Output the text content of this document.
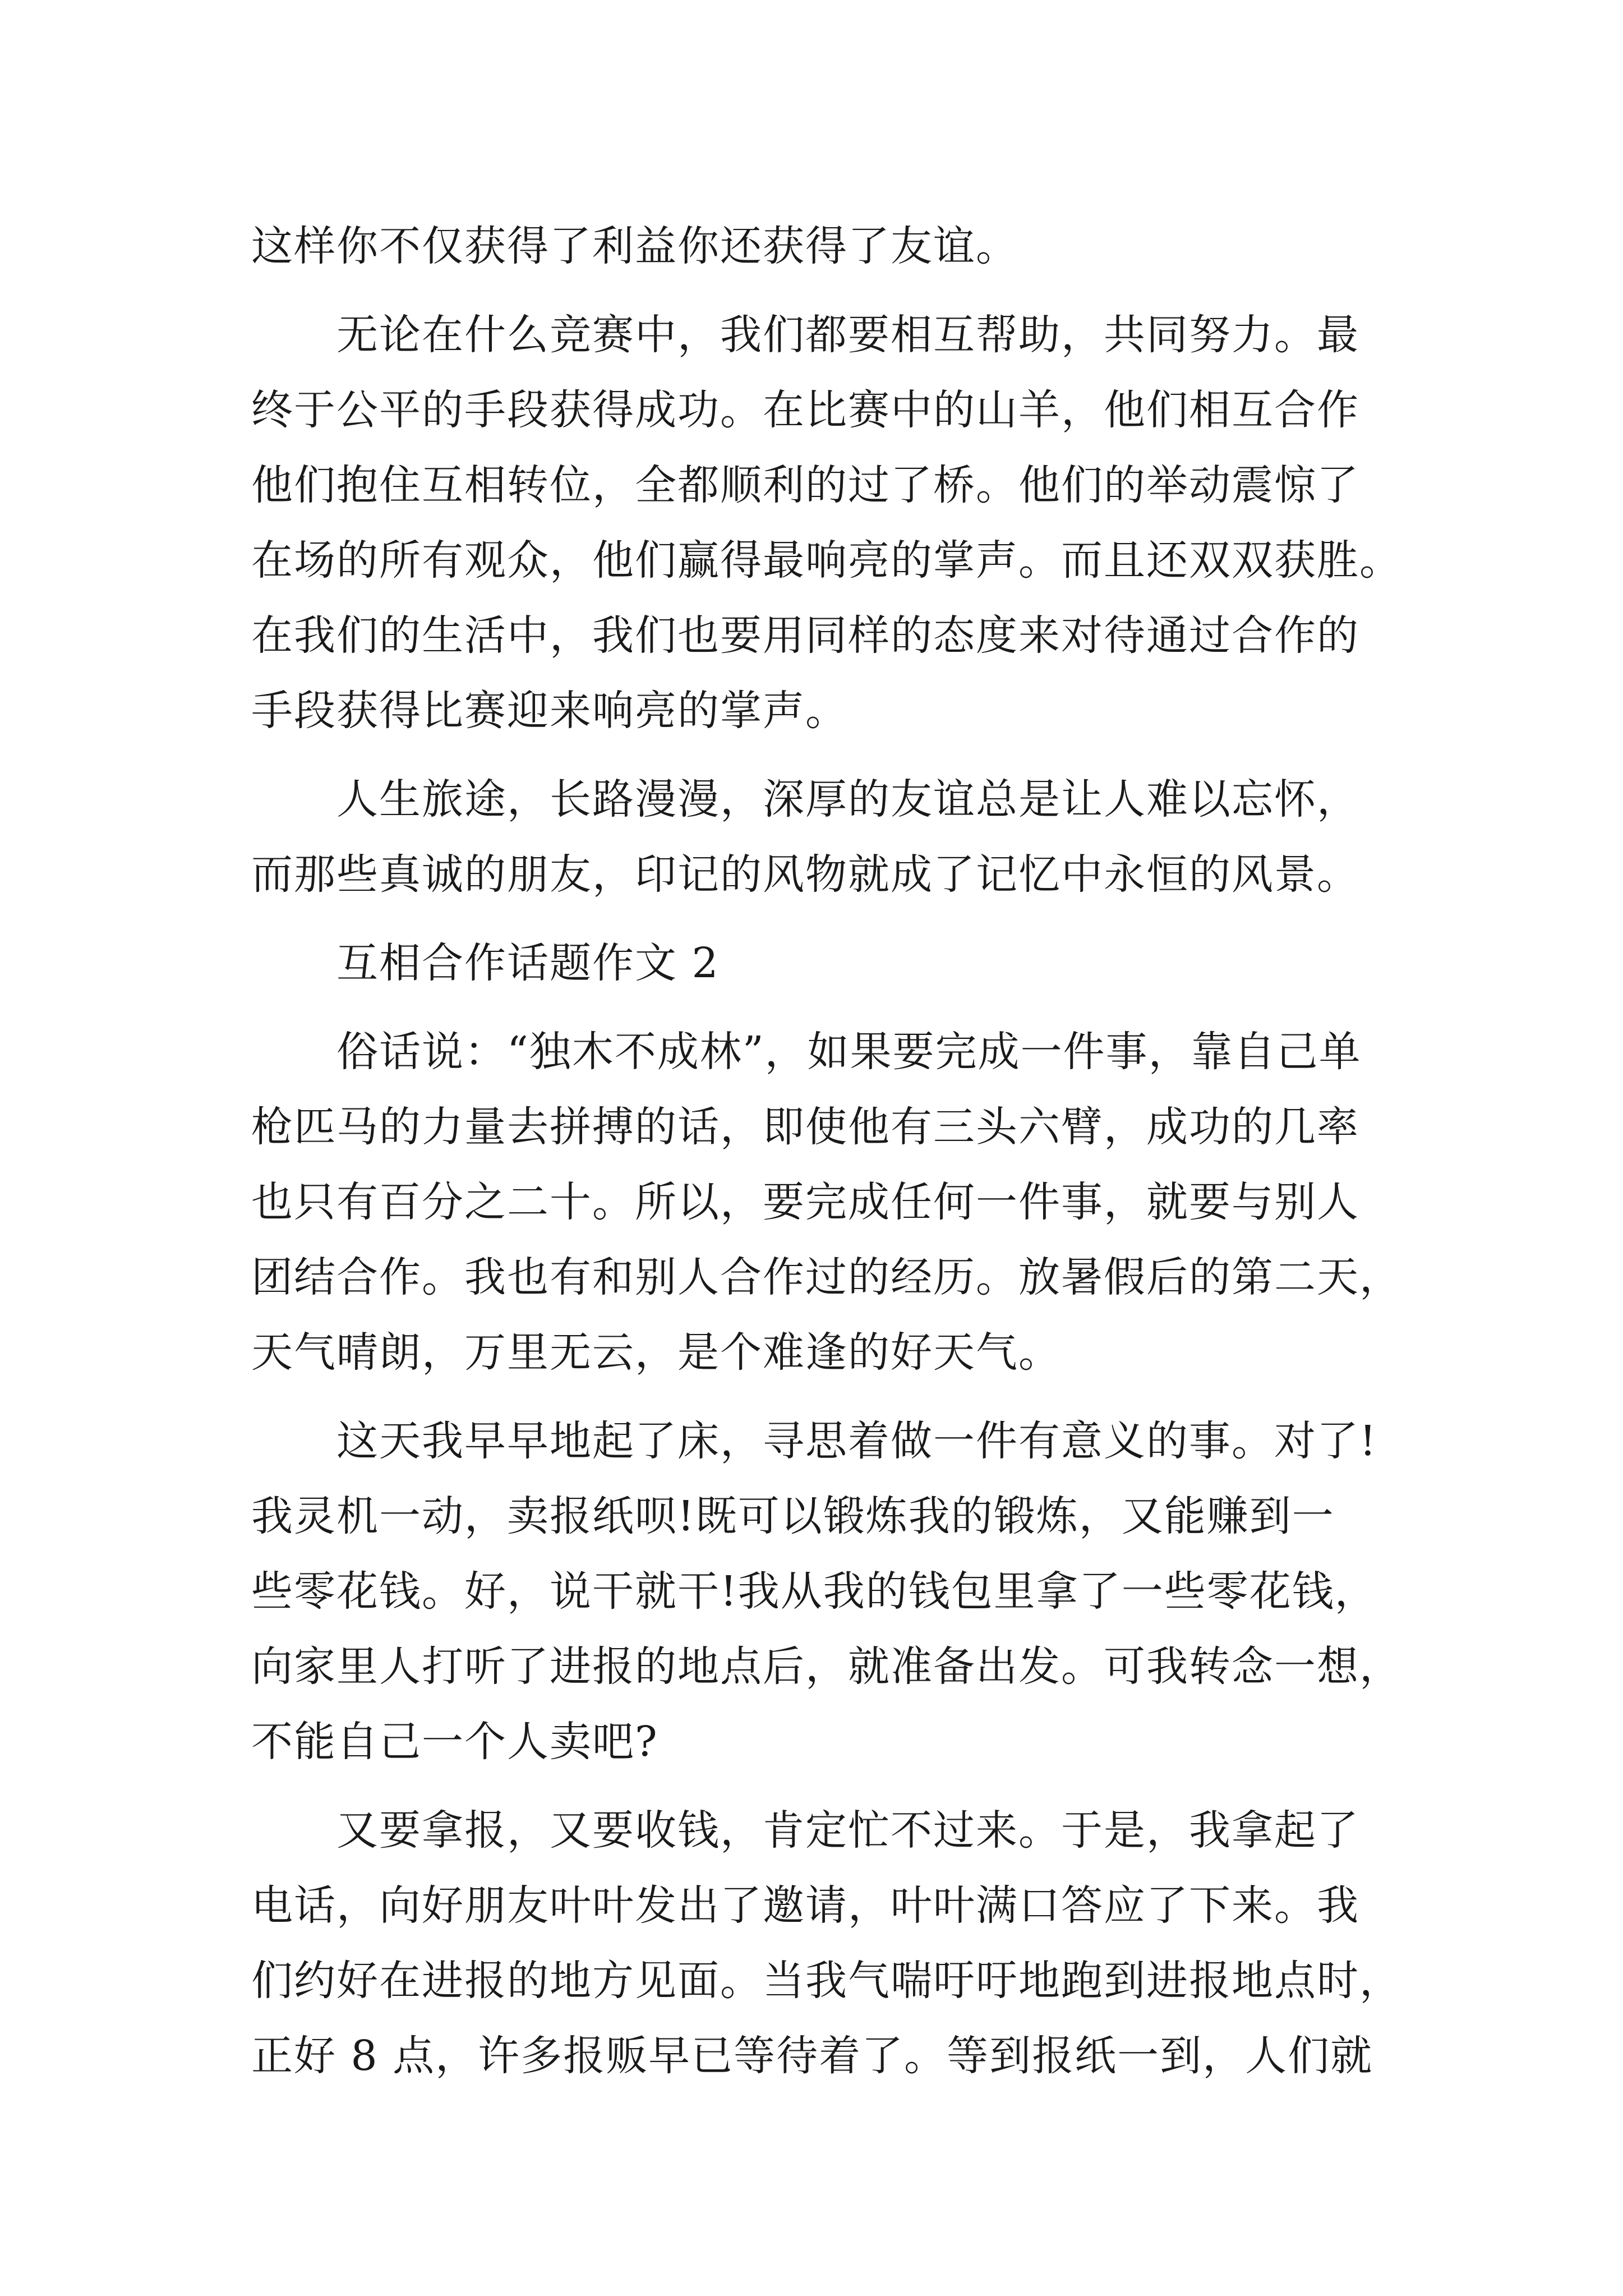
这样你不仅获得了利益你还获得了友谊。
　　无论在什么竞赛中，我们都要相互帮助，共同努力。最
终于公平的手段获得成功。在比赛中的山羊，他们相互合作
他们抱住互相转位，全都顺利的过了桥。他们的举动震惊了
在场的所有观众，他们赢得最响亮的掌声。而且还双双获胜。
在我们的生活中，我们也要用同样的态度来对待通过合作的
手段获得比赛迎来响亮的掌声。
　　人生旅途，长路漫漫，深厚的友谊总是让人难以忘怀，
而那些真诚的朋友，印记的风物就成了记忆中永恒的风景。
　　互相合作话题作文 2
　　俗话说：“独木不成林”，如果要完成一件事，靠自己单
枪匹马的力量去拼搏的话，即使他有三头六臂，成功的几率
也只有百分之二十。所以，要完成任何一件事，就要与别人
团结合作。我也有和别人合作过的经历。放暑假后的第二天，
天气晴朗，万里无云，是个难逢的好天气。
　　这天我早早地起了床，寻思着做一件有意义的事。对了!
我灵机一动，卖报纸呗!既可以锻炼我的锻炼，又能赚到一
些零花钱。好，说干就干!我从我的钱包里拿了一些零花钱，
向家里人打听了进报的地点后，就准备出发。可我转念一想，
不能自己一个人卖吧?
　　又要拿报，又要收钱，肯定忙不过来。于是，我拿起了
电话，向好朋友叶叶发出了邀请，叶叶满口答应了下来。我
们约好在进报的地方见面。当我气喘吁吁地跑到进报地点时，
正好 8 点，许多报贩早已等待着了。等到报纸一到，人们就
